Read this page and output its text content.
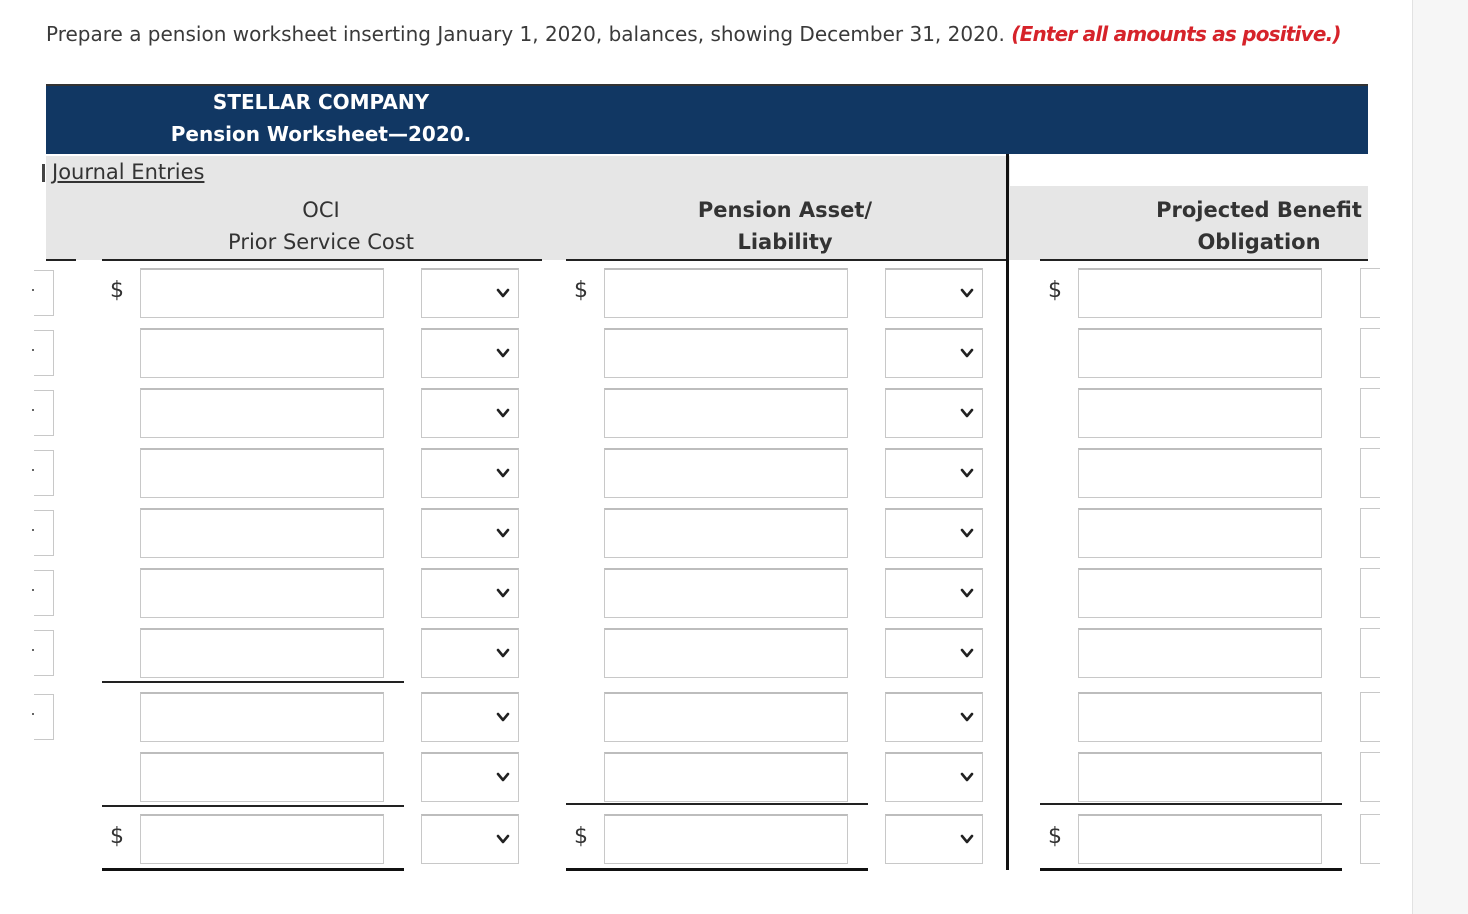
Prepare a pension worksheet inserting January 1, 2020, balances, showing December 31, 2020. (Enter all amounts as positive.)
STELLAR COMPANY
Pension Worksheet—2020.
Journal Entries
OCI
Prior Service Cost
Pension Asset/
Liability
Projected Benefit
Obligation
$	$	$
$	$	$
